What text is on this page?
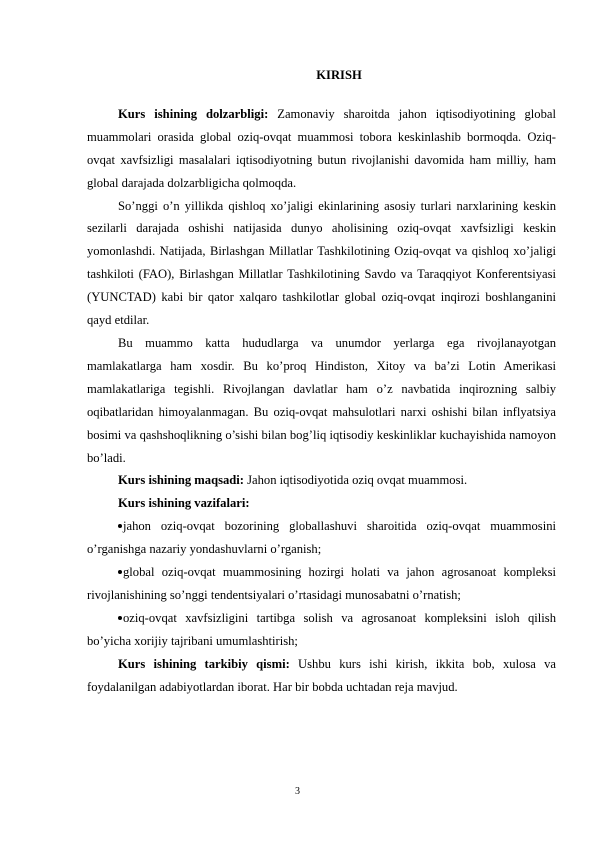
KIRISH

Kurs ishining dolzarbligi: Zamonaviy sharoitda jahon iqtisodiyotining global muammolari orasida global oziq-ovqat muammosi tobora keskinlashib bormoqda. Oziq-ovqat xavfsizligi masalalari iqtisodiyotning butun rivojlanishi davomida ham milliy, ham global darajada dolzarbligicha qolmoqda.

So’nggi o’n yillikda qishloq xo’jaligi ekinlarining asosiy turlari narxlarining keskin sezilarli darajada oshishi natijasida dunyo aholisining oziq-ovqat xavfsizligi keskin yomonlashdi. Natijada, Birlashgan Millatlar Tashkilotining Oziq-ovqat va qishloq xo’jaligi tashkiloti (FAO), Birlashgan Millatlar Tashkilotining Savdo va Taraqqiyot Konferentsiyasi (YUNCTAD) kabi bir qator xalqaro tashkilotlar global oziq-ovqat inqirozi boshlanganini qayd etdilar.

Bu muammo katta hududlarga va unumdor yerlarga ega rivojlanayotgan mamlakatlarga ham xosdir. Bu ko’proq Hindiston, Xitoy va ba’zi Lotin Amerikasi mamlakatlariga tegishli. Rivojlangan davlatlar ham o’z navbatida inqirozning salbiy oqibatlaridan himoyalanmagan. Bu oziq-ovqat mahsulotlari narxi oshishi bilan inflyatsiya bosimi va qashshoqlikning o’sishi bilan bog’liq iqtisodiy keskinliklar kuchayishida namoyon bo’ladi.

Kurs ishining maqsadi: Jahon iqtisodiyotida oziq ovqat muammosi.

Kurs ishining vazifalari:

jahon oziq-ovqat bozorining globallashuvi sharoitida oziq-ovqat muammosini o’rganishga nazariy yondashuvlarni o’rganish;

global oziq-ovqat muammosining hozirgi holati va jahon agrosanoat kompleksi rivojlanishining so’nggi tendentsiyalari o’rtasidagi munosabatni o’rnatish;

oziq-ovqat xavfsizligini tartibga solish va agrosanoat kompleksini isloh qilish bo’yicha xorijiy tajribani umumlashtirish;

Kurs ishining tarkibiy qismi: Ushbu kurs ishi kirish, ikkita bob, xulosa va foydalanilgan adabiyotlardan iborat. Har bir bobda uchtadan reja mavjud.

3
